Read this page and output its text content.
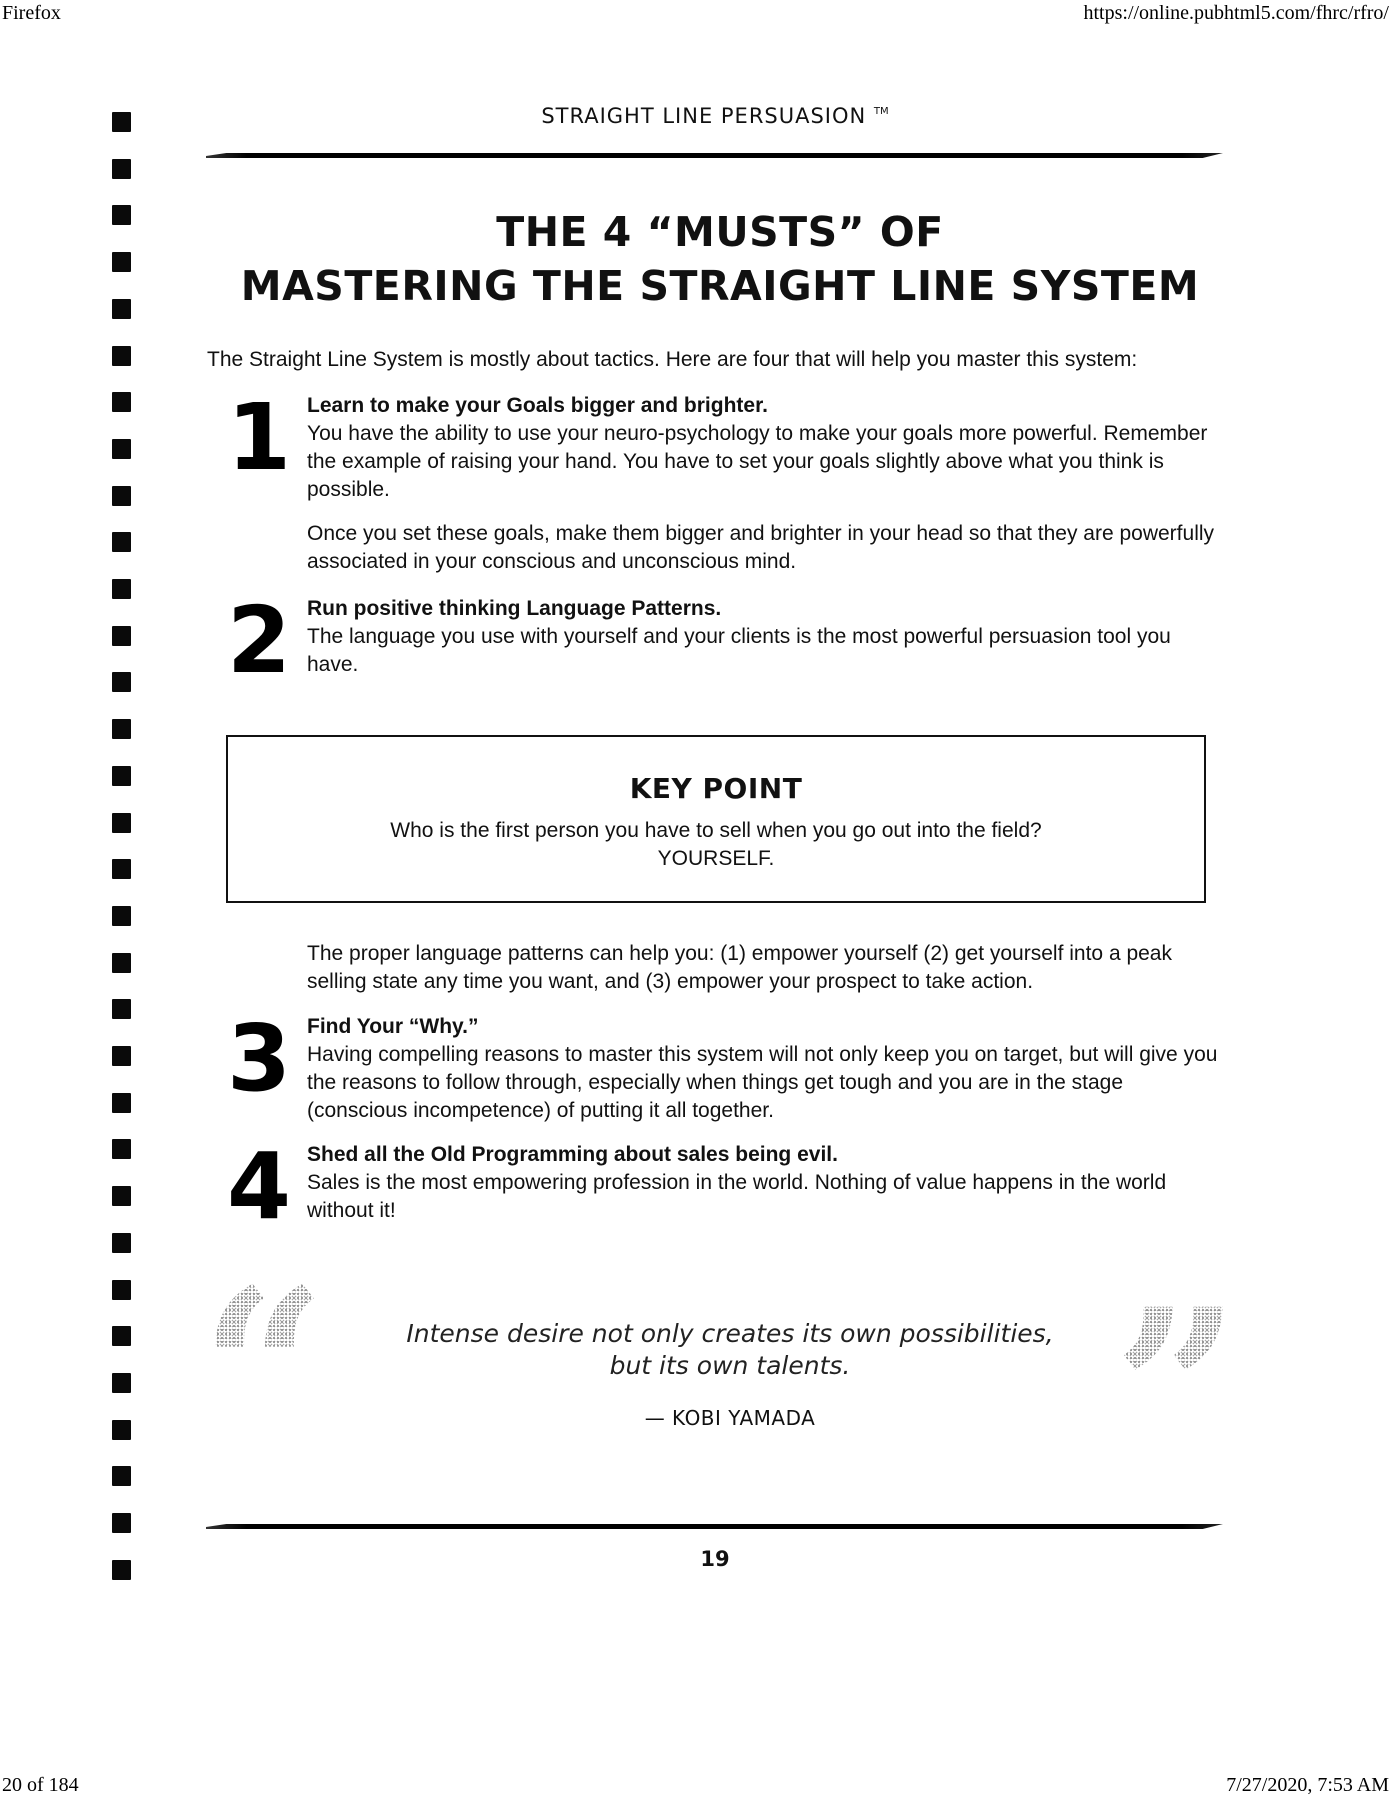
Firefox	https://online.pubhtml5.com/fhrc/rfro/
STRAIGHT LINE PERSUASION ™
THE 4 “MUSTS” OF
MASTERING THE STRAIGHT LINE SYSTEM
The Straight Line System is mostly about tactics. Here are four that will help you master this system:
1 Learn to make your Goals bigger and brighter.

You have the ability to use your neuro-psychology to make your goals more powerful. Remember the example of raising your hand. You have to set your goals slightly above what you think is possible.

Once you set these goals, make them bigger and brighter in your head so that they are powerfully associated in your conscious and unconscious mind.

2 Run positive thinking Language Patterns.

The language you use with yourself and your clients is the most powerful persuasion tool you have.

KEY POINT
Who is the first person you have to sell when you go out into the field?
YOURSELF.

The proper language patterns can help you: (1) empower yourself (2) get yourself into a peak selling state any time you want, and (3) empower your prospect to take action.

3 Find Your “Why.”

Having compelling reasons to master this system will not only keep you on target, but will give you the reasons to follow through, especially when things get tough and you are in the stage (conscious incompetence) of putting it all together.

4 Shed all the Old Programming about sales being evil.

Sales is the most empowering profession in the world. Nothing of value happens in the world without it!

“	Intense desire not only creates its own possibilities,
but its own talents.
— KOBI YAMADA	”
19
20 of 184	7/27/2020, 7:53 AM
